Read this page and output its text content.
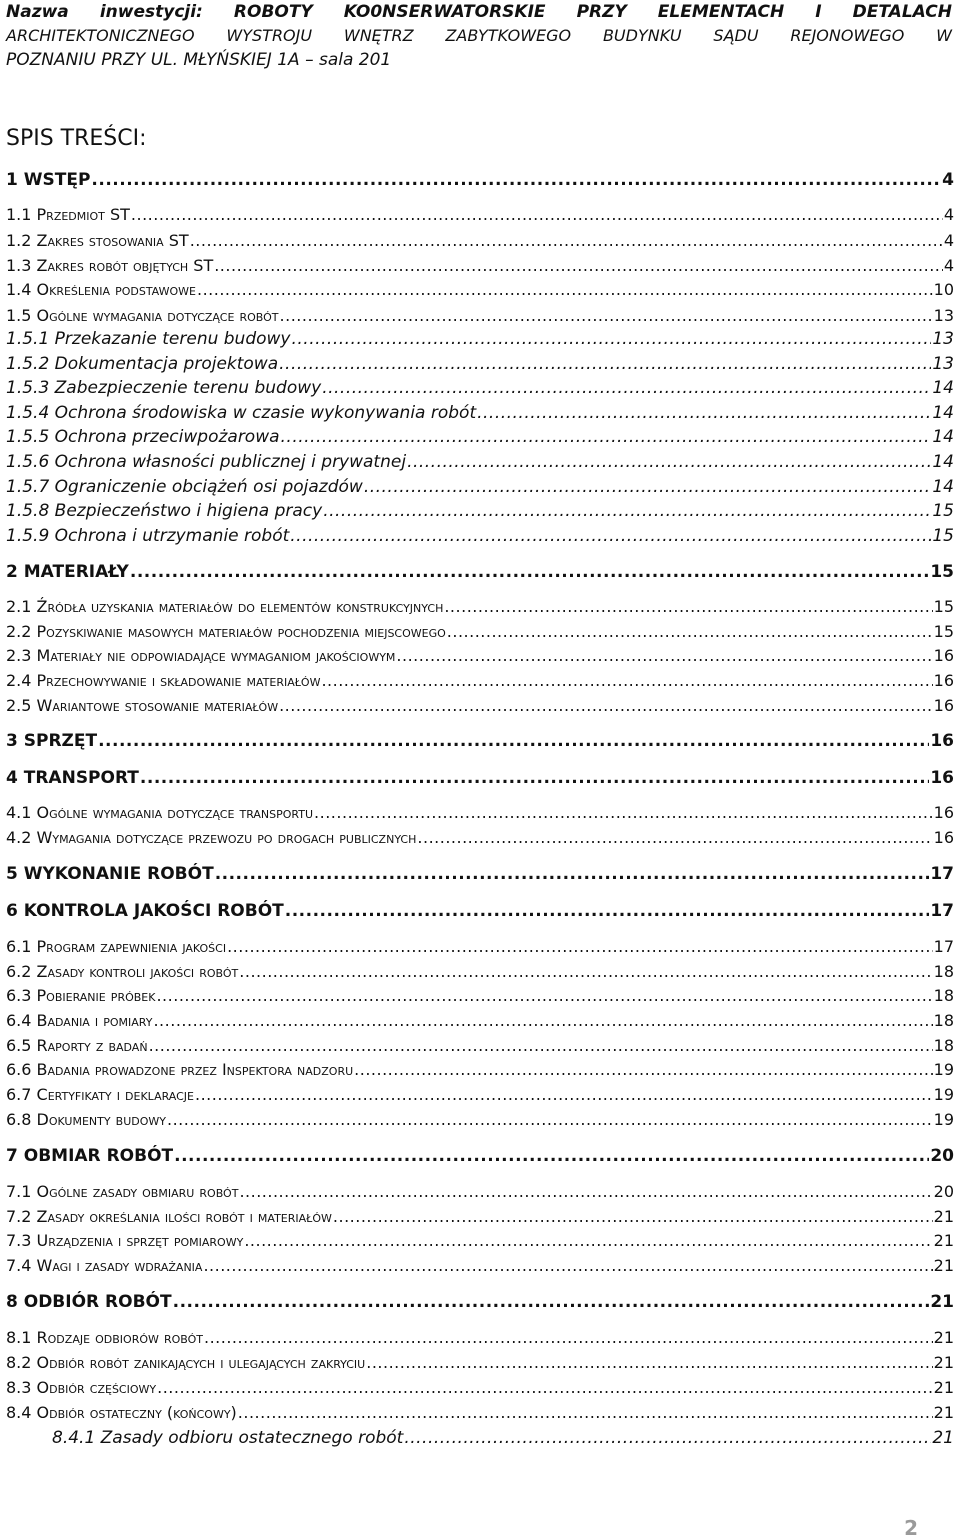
Nazwa inwestycji: ROBOTY KO0NSERWATORSKIE PRZY ELEMENTACH I DETALACH
ARCHITEKTONICZNEGO WYSTROJU WNĘTRZ ZABYTKOWEGO BUDYNKU SĄDU REJONOWEGO W
POZNANIU PRZY UL. MŁYŃSKIEJ 1A – sala 201
SPIS TREŚCI:
1 WSTĘP .....	4
1.1 Przedmiot ST .....	4
1.2 Zakres stosowania ST .....	4
1.3 Zakres robót objętych ST .....	4
1.4 Określenia podstawowe .....	10
1.5 Ogólne wymagania dotyczące robót .....	13
1.5.1 Przekazanie terenu budowy .....	13
1.5.2 Dokumentacja projektowa .....	13
1.5.3 Zabezpieczenie terenu budowy .....	14
1.5.4 Ochrona środowiska w czasie wykonywania robót .....	14
1.5.5 Ochrona przeciwpożarowa .....	14
1.5.6 Ochrona własności publicznej i prywatnej .....	14
1.5.7 Ograniczenie obciążeń osi pojazdów .....	14
1.5.8 Bezpieczeństwo i higiena pracy .....	15
1.5.9 Ochrona i utrzymanie robót .....	15
2 MATERIAŁY .....	15
2.1 Źródła uzyskania materiałów do elementów konstrukcyjnych .....	15
2.2 Pozyskiwanie masowych materiałów pochodzenia miejscowego .....	15
2.3 Materiały nie odpowiadające wymaganiom jakościowym .....	16
2.4 Przechowywanie i składowanie materiałów .....	16
2.5 Wariantowe stosowanie materiałów .....	16
3 SPRZĘT .....	16
4 TRANSPORT .....	16
4.1 Ogólne wymagania dotyczące transportu .....	16
4.2 Wymagania dotyczące przewozu po drogach publicznych .....	16
5 WYKONANIE ROBÓT .....	17
6 KONTROLA JAKOŚCI ROBÓT .....	17
6.1 Program zapewnienia jakości .....	17
6.2 Zasady kontroli jakości robót .....	18
6.3 Pobieranie próbek .....	18
6.4 Badania i pomiary .....	18
6.5 Raporty z badań .....	18
6.6 Badania prowadzone przez Inspektora nadzoru .....	19
6.7 Certyfikaty i deklaracje .....	19
6.8 Dokumenty budowy .....	19
7 OBMIAR ROBÓT .....	20
7.1 Ogólne zasady obmiaru robót .....	20
7.2 Zasady określania ilości robót i materiałów .....	21
7.3 Urządzenia i sprzęt pomiarowy .....	21
7.4 Wagi i zasady wdrażania .....	21
8 ODBIÓR ROBÓT .....	21
8.1 Rodzaje odbiorów robót .....	21
8.2 Odbiór robót zanikających i ulegających zakryciu .....	21
8.3 Odbiór częściowy .....	21
8.4 Odbiór ostateczny (końcowy) .....	21
8.4.1 Zasady odbioru ostatecznego robót .....	21
2
